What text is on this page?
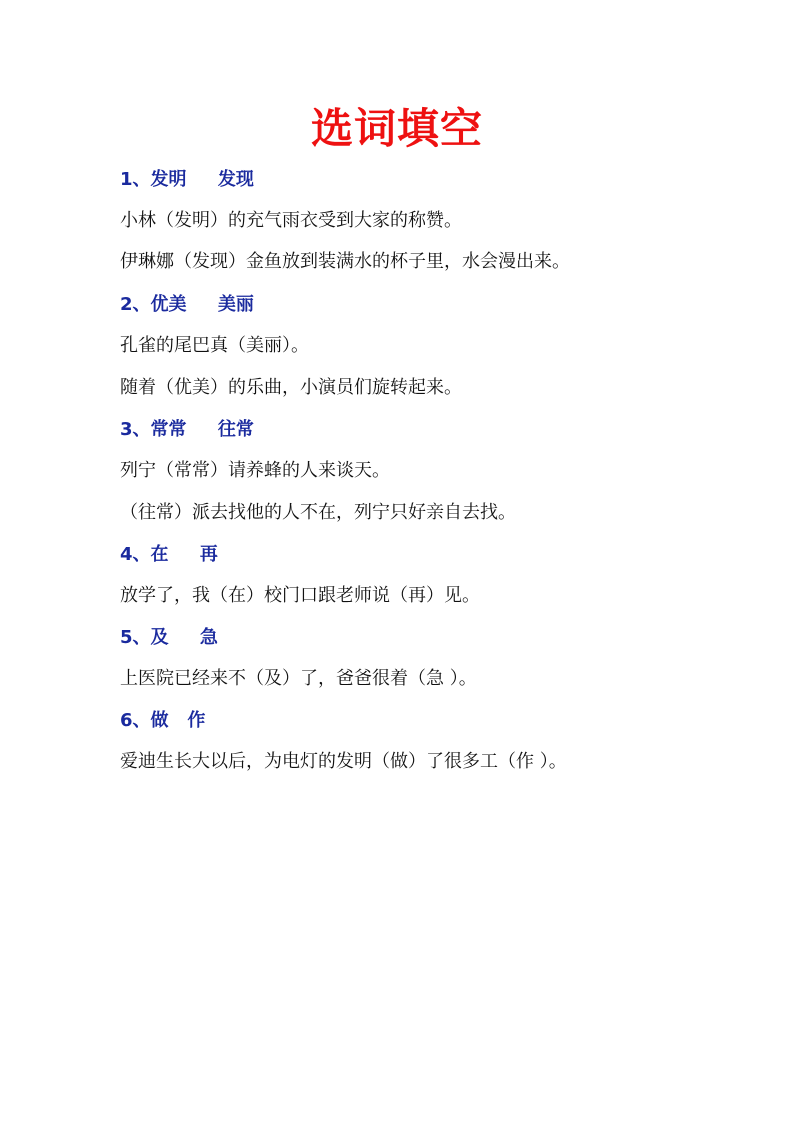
选词填空
1、发明     发现
小林（发明）的充气雨衣受到大家的称赞。
伊琳娜（发现）金鱼放到装满水的杯子里，水会漫出来。
2、优美     美丽
孔雀的尾巴真（美丽）。
随着（优美）的乐曲，小演员们旋转起来。
3、常常     往常
列宁（常常）请养蜂的人来谈天。
（往常）派去找他的人不在，列宁只好亲自去找。
4、在     再
放学了，我（在）校门口跟老师说（再）见。
5、及     急
上医院已经来不（及）了，爸爸很着（急 ）。
6、做   作
爱迪生长大以后，为电灯的发明（做）了很多工（作 ）。
